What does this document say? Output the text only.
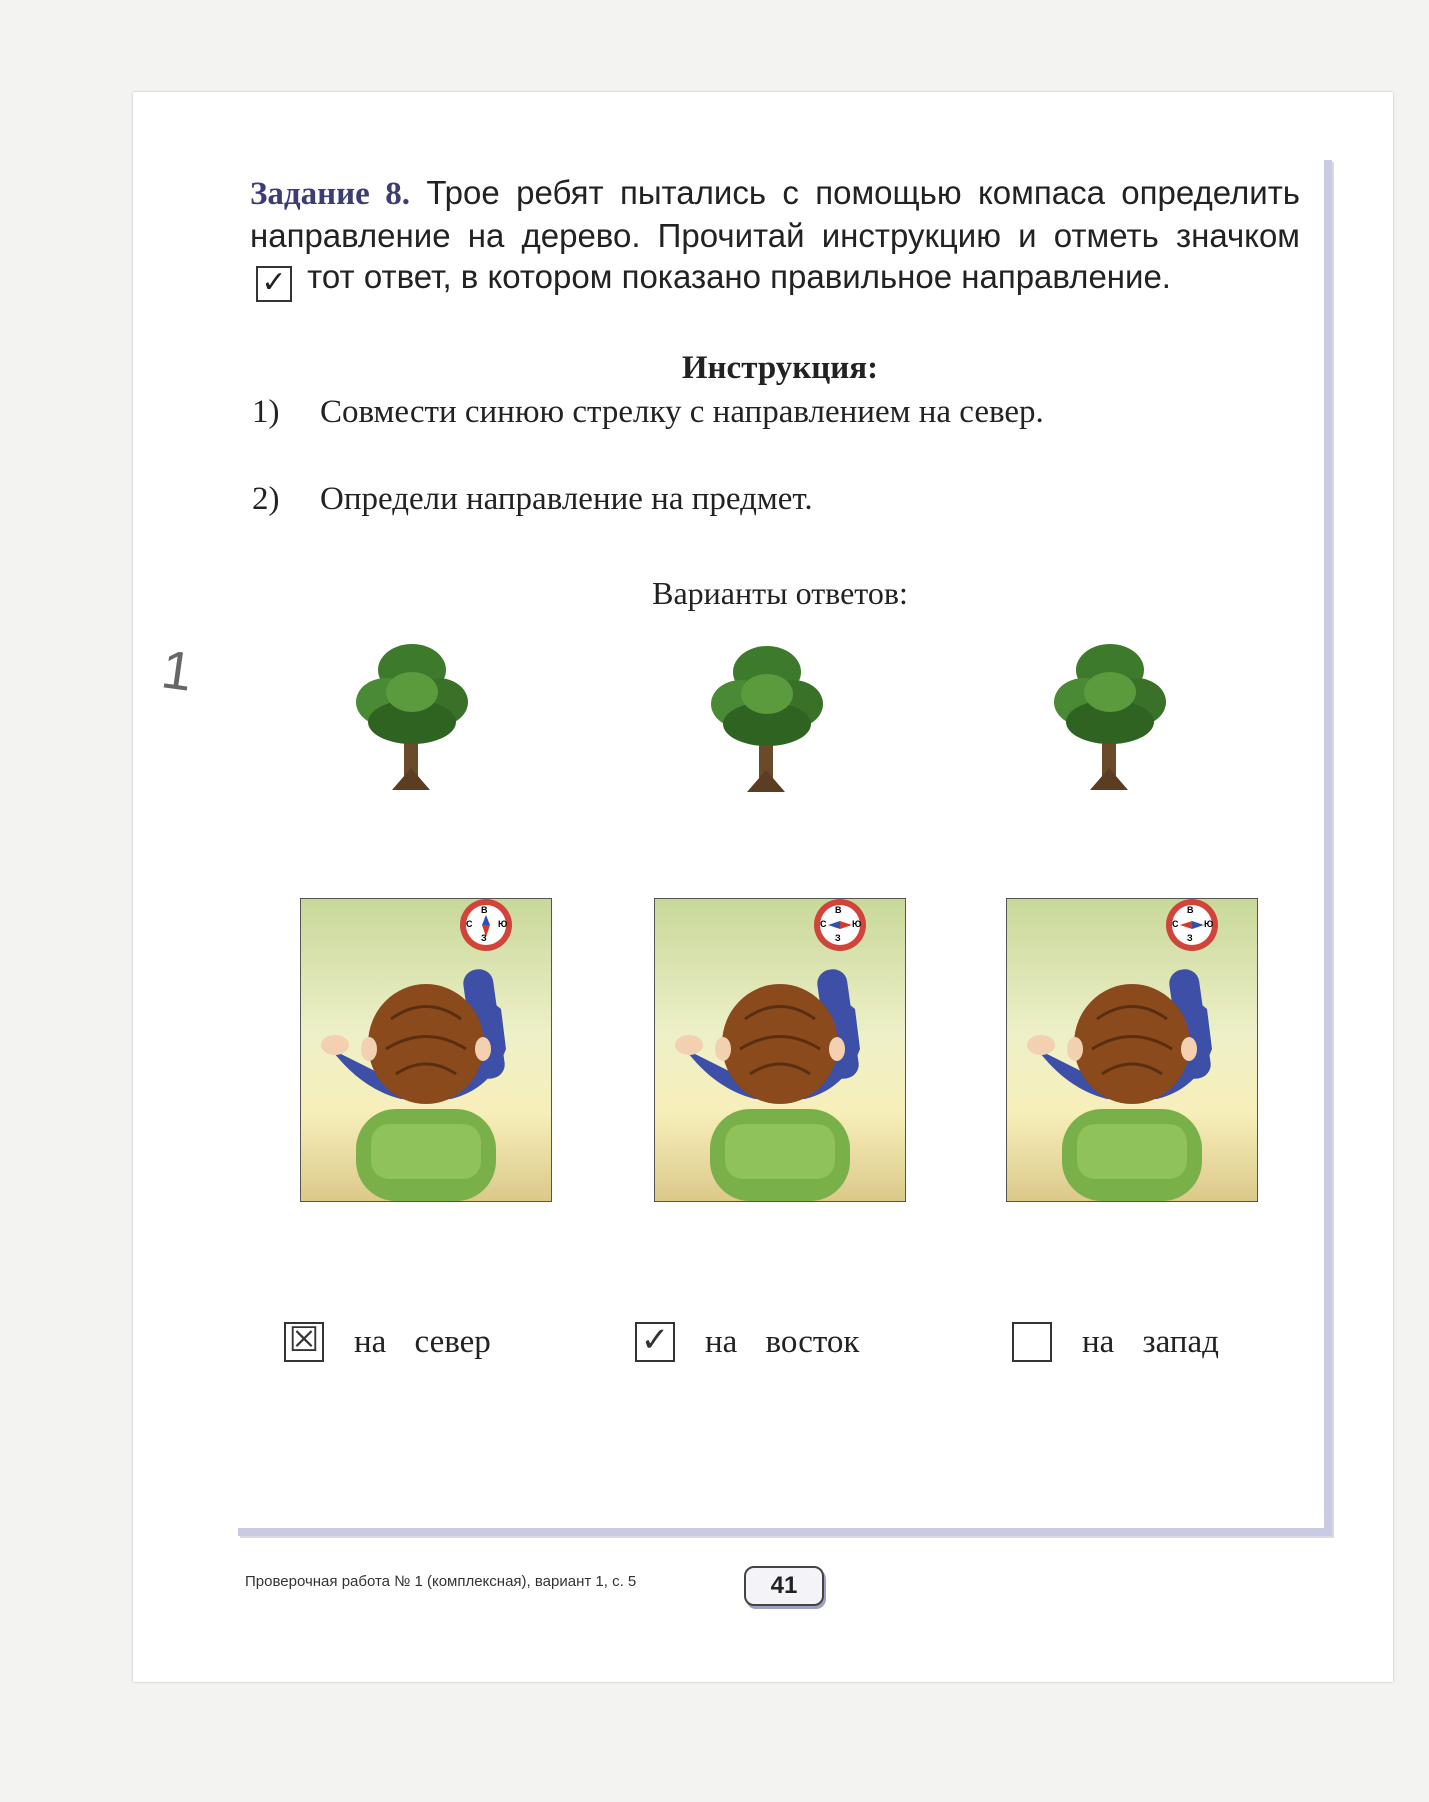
Задание 8. Трое ребят пытались с помощью компаса определить направление на дерево. Прочитай инструкцию и отметь значком ✓ тот ответ, в котором показано правильное направление.
Инструкция:
1) Совмести синюю стрелку с направлением на север.
2) Определи направление на предмет.
Варианты ответов:
1
В
С	Ю
З
В
С	Ю
З
В
С	Ю
З
☒ на север	✓ на восток	на запад
Проверочная работа № 1 (комплексная), вариант 1, с. 5	41
